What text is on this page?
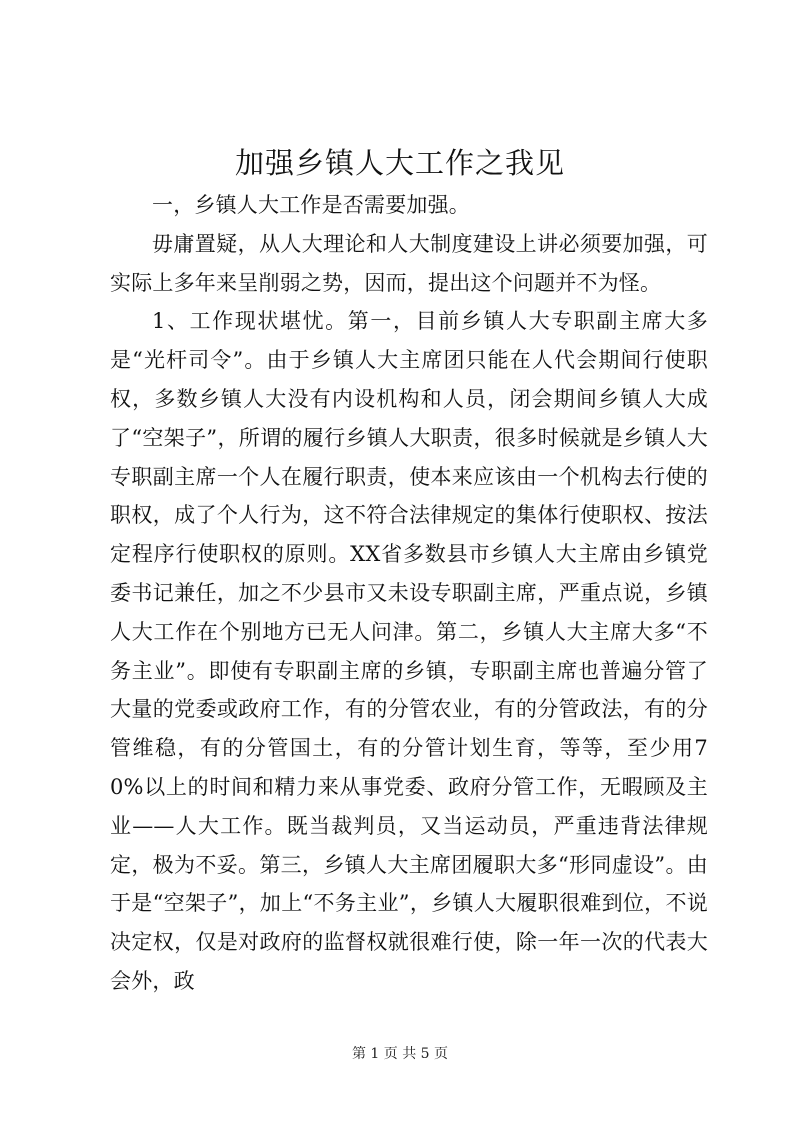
加强乡镇人大工作之我见

一，乡镇人大工作是否需要加强。

毋庸置疑，从人大理论和人大制度建设上讲必须要加强，可实际上多年来呈削弱之势，因而，提出这个问题并不为怪。

1、工作现状堪忧。第一，目前乡镇人大专职副主席大多是“光杆司令”。由于乡镇人大主席团只能在人代会期间行使职权，多数乡镇人大没有内设机构和人员，闭会期间乡镇人大成了“空架子”，所谓的履行乡镇人大职责，很多时候就是乡镇人大专职副主席一个人在履行职责，使本来应该由一个机构去行使的职权，成了个人行为，这不符合法律规定的集体行使职权、按法定程序行使职权的原则。XX省多数县市乡镇人大主席由乡镇党委书记兼任，加之不少县市又未设专职副主席，严重点说，乡镇人大工作在个别地方已无人问津。第二，乡镇人大主席大多“不务主业”。即使有专职副主席的乡镇，专职副主席也普遍分管了大量的党委或政府工作，有的分管农业，有的分管政法，有的分管维稳，有的分管国土，有的分管计划生育，等等，至少用70%以上的时间和精力来从事党委、政府分管工作，无暇顾及主业——人大工作。既当裁判员，又当运动员，严重违背法律规定，极为不妥。第三，乡镇人大主席团履职大多“形同虚设”。由于是“空架子”，加上“不务主业”，乡镇人大履职很难到位，不说决定权，仅是对政府的监督权就很难行使，除一年一次的代表大会外，政

第 1 页 共 5 页
